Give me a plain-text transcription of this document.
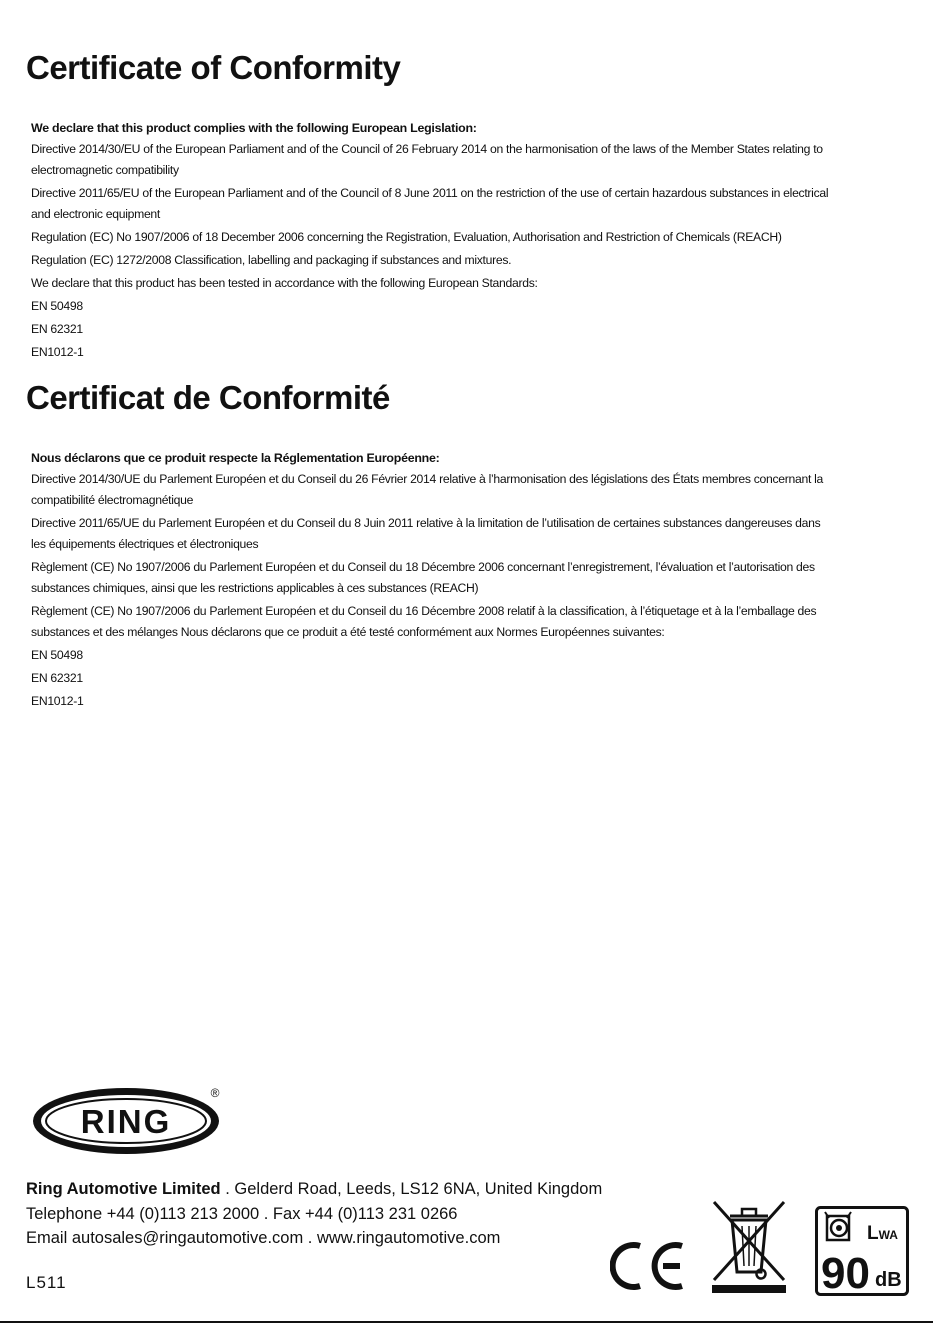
Certificate of Conformity

We declare that this product complies with the following European Legislation:

Directive 2014/30/EU of the European Parliament and of the Council of 26 February 2014 on the harmonisation of the laws of the Member States relating to electromagnetic compatibility

Directive 2011/65/EU of the European Parliament and of the Council of 8 June 2011 on the restriction of the use of certain hazardous substances in electrical and electronic equipment

Regulation (EC) No 1907/2006 of 18 December 2006 concerning the Registration, Evaluation, Authorisation and Restriction of Chemicals (REACH)

Regulation (EC) 1272/2008 Classification, labelling and packaging if substances and mixtures.

We declare that this product has been tested in accordance with the following European Standards:

EN 50498

EN 62321

EN1012-1

Certificat de Conformité

Nous déclarons que ce produit respecte la Réglementation Européenne:

Directive 2014/30/UE du Parlement Européen et du Conseil du 26 Février 2014 relative à l’harmonisation des législations des États membres concernant la compatibilité électromagnétique

Directive 2011/65/UE du Parlement Européen et du Conseil du 8 Juin 2011 relative à la limitation de l’utilisation de certaines substances dangereuses dans les équipements électriques et électroniques

Règlement (CE) No 1907/2006 du Parlement Européen et du Conseil du 18 Décembre 2006 concernant l’enregistrement, l’évaluation et l’autorisation des substances chimiques, ainsi que les restrictions applicables à ces substances (REACH)

Règlement (CE) No 1907/2006 du Parlement Européen et du Conseil du 16 Décembre 2008 relatif à la classification, à l’étiquetage et à la l’emballage des substances et des mélanges Nous déclarons que ce produit a été testé conformément aux Normes Européennes suivantes:

EN 50498

EN 62321

EN1012-1

RING
®
Ring Automotive Limited . Gelderd Road, Leeds, LS12 6NA, United Kingdom
Telephone +44 (0)113 213 2000 . Fax +44 (0)113 231 0266
Email autosales@ringautomotive.com . www.ringautomotive.com
L511
CE	LWA
90 dB
